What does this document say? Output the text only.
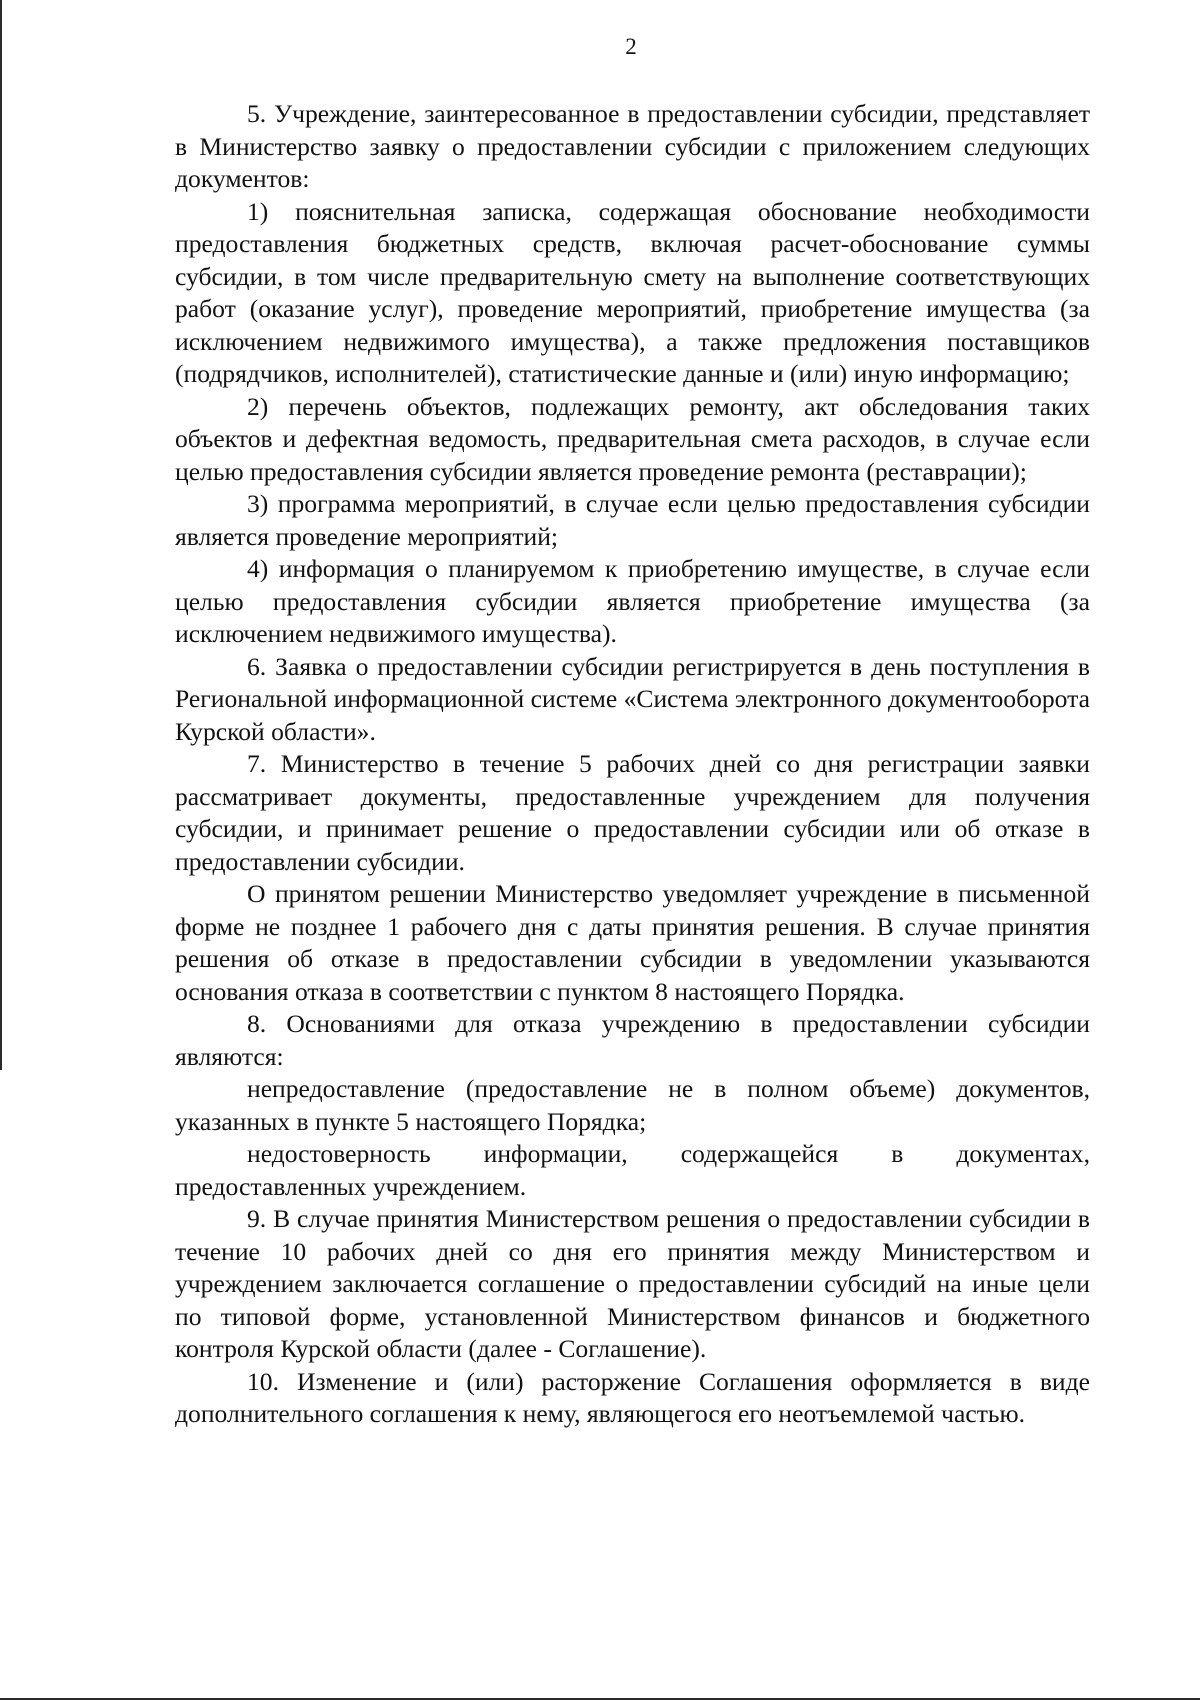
2

5. Учреждение, заинтересованное в предоставлении субсидии, представляет в Министерство заявку о предоставлении субсидии с приложением следующих документов:

1) пояснительная записка, содержащая обоснование необходимости предоставления бюджетных средств, включая расчет-обоснование суммы субсидии, в том числе предварительную смету на выполнение соответствующих работ (оказание услуг), проведение мероприятий, приобретение имущества (за исключением недвижимого имущества), а также предложения поставщиков (подрядчиков, исполнителей), статистические данные и (или) иную информацию;

2) перечень объектов, подлежащих ремонту, акт обследования таких объектов и дефектная ведомость, предварительная смета расходов, в случае если целью предоставления субсидии является проведение ремонта (реставрации);

3) программа мероприятий, в случае если целью предоставления субсидии является проведение мероприятий;

4) информация о планируемом к приобретению имуществе, в случае если целью предоставления субсидии является приобретение имущества (за исключением недвижимого имущества).

6. Заявка о предоставлении субсидии регистрируется в день поступления в Региональной информационной системе «Система электронного документооборота Курской области».

7. Министерство в течение 5 рабочих дней со дня регистрации заявки рассматривает документы, предоставленные учреждением для получения субсидии, и принимает решение о предоставлении субсидии или об отказе в предоставлении субсидии.

О принятом решении Министерство уведомляет учреждение в письменной форме не позднее 1 рабочего дня с даты принятия решения. В случае принятия решения об отказе в предоставлении субсидии в уведомлении указываются основания отказа в соответствии с пунктом 8 настоящего Порядка.

8. Основаниями для отказа учреждению в предоставлении субсидии являются:

непредоставление (предоставление не в полном объеме) документов, указанных в пункте 5 настоящего Порядка;

недостоверность информации, содержащейся в документах, предоставленных учреждением.

9. В случае принятия Министерством решения о предоставлении субсидии в течение 10 рабочих дней со дня его принятия между Министерством и учреждением заключается соглашение о предоставлении субсидий на иные цели по типовой форме, установленной Министерством финансов и бюджетного контроля Курской области (далее - Соглашение).

10. Изменение и (или) расторжение Соглашения оформляется в виде дополнительного соглашения к нему, являющегося его неотъемлемой частью.
